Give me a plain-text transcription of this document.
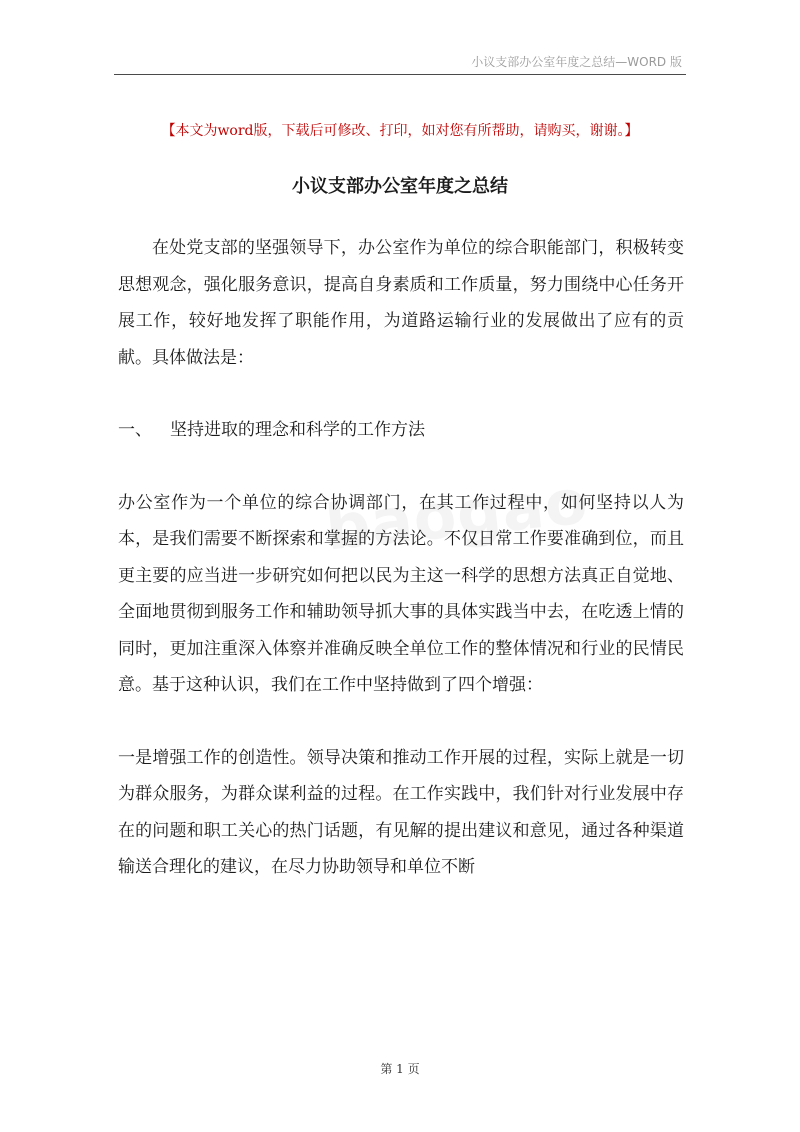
小议支部办公室年度之总结—WORD 版
【本文为word版，下载后可修改、打印，如对您有所帮助，请购买，谢谢。】
小议支部办公室年度之总结

在处党支部的坚强领导下，办公室作为单位的综合职能部门，积极转变思想观念，强化服务意识，提高自身素质和工作质量，努力围绕中心任务开展工作，较好地发挥了职能作用，为道路运输行业的发展做出了应有的贡献。具体做法是：

一、 坚持进取的理念和科学的工作方法

办公室作为一个单位的综合协调部门，在其工作过程中，如何坚持以人为本，是我们需要不断探索和掌握的方法论。不仅日常工作要准确到位，而且更主要的应当进一步研究如何把以民为主这一科学的思想方法真正自觉地、全面地贯彻到服务工作和辅助领导抓大事的具体实践当中去，在吃透上情的同时，更加注重深入体察并准确反映全单位工作的整体情况和行业的民情民意。基于这种认识，我们在工作中坚持做到了四个增强：

一是增强工作的创造性。领导决策和推动工作开展的过程，实际上就是一切为群众服务，为群众谋利益的过程。在工作实践中，我们针对行业发展中存在的问题和职工关心的热门话题，有见解的提出建议和意见，通过各种渠道输送合理化的建议，在尽力协助领导和单位不断

第 1 页
